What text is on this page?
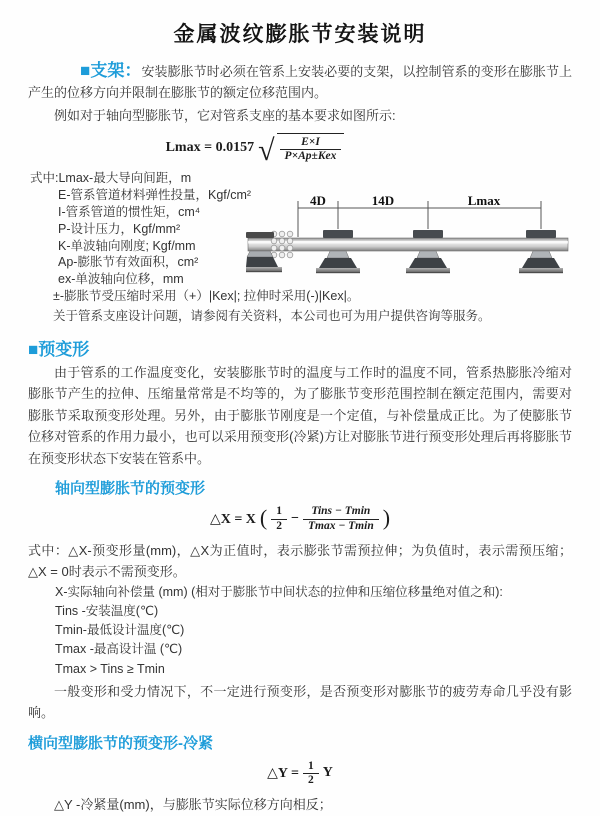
金属波纹膨胀节安装说明

■支架：安装膨胀节时必须在管系上安装必要的支架，以控制管系的变形在膨胀节上产生的位移方向并限制在膨胀节的额定位移范围内。

例如对于轴向型膨胀节，它对管系支座的基本要求如图所示:

Lmax = 0.0157 √ $\frac{E\times I}{\text{P×Ap±Kex}}$
式中:Lmax-最大导向间距，m
E-管系管道材料弹性投量，Kgf/cm²
I-管系管道的惯性矩，cm⁴
P-设计压力，Kgf/mm²
K-单波轴向刚度; Kgf/mm
Ap-膨胀节有效面积，cm²
ex-单波轴向位移，mm
±-膨胀节受压缩时采用（+）|Kex|; 拉伸时采用(-)|Kex|。
关于管系支座设计问题，请参阅有关资料，本公司也可为用户提供咨询等服务。
4D	14D	Lmax
■预变形

由于管系的工作温度变化，安装膨胀节时的温度与工作时的温度不同，管系热膨胀冷缩对膨胀节产生的拉伸、压缩量常常是不均等的，为了膨胀节变形范围控制在额定范围内，需要对膨胀节采取预变形处理。另外，由于膨胀节刚度是一个定值，与补偿量成正比。为了使膨胀节位移对管系的作用力最小，也可以采用预变形(冷紧)方让对膨胀节进行预变形处理后再将膨胀节在预变形状态下安装在管系中。

轴向型膨胀节的预变形
△X = X ( $\frac{1}{2} - \frac{\text{Tins − Tmin}}{Tmax - Tmin}$ )

式中：△X-预变形量(mm)，△X为正值时，表示膨张节需预拉伸；为负值时，表示需预压缩；△X = 0时表示不需预变形。

X-实际轴向补偿量 (mm) (相对于膨胀节中间状态的拉伸和压缩位移量绝对值之和):
Tins -安装温度(℃)
Tmin-最低设计温度(℃)
Tmax -最高设计温 (℃)
Tmax > Tins ≥ Tmin

一般变形和受力情况下，不一定进行预变形，是否预变形对膨胀节的疲劳寿命几乎没有影响。

横向型膨胀节的预变形-冷紧
△Y = $\frac{1}{2}$ Y

△Y -冷紧量(mm)，与膨胀节实际位移方向相反；
